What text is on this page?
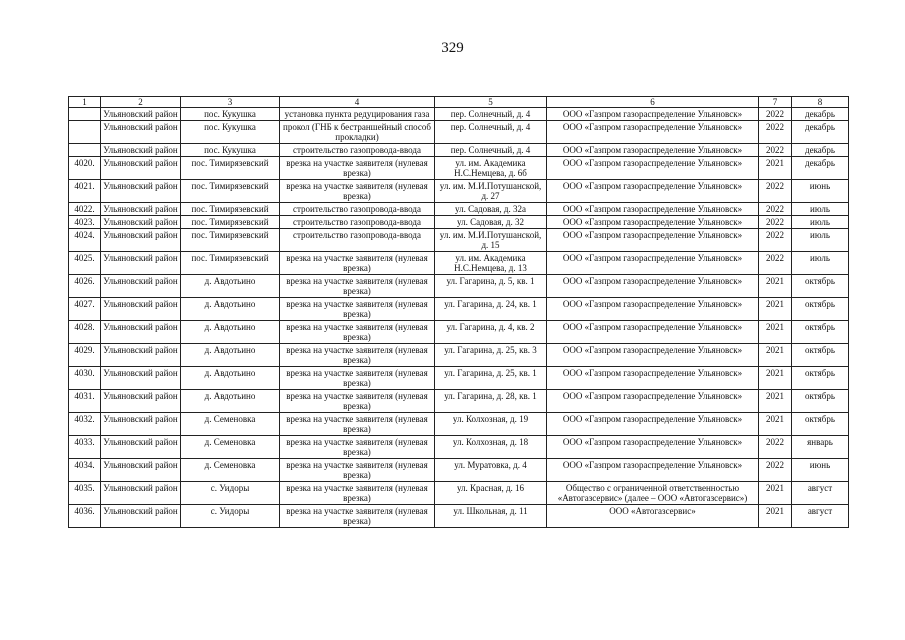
329
1	2	3	4	5	6	7	8
	Ульяновский район	пос. Кукушка	установка пункта редуцирования газа	пер. Солнечный, д. 4	ООО «Газпром газораспределение Ульяновск»	2022	декабрь
	Ульяновский район	пос. Кукушка	прокол (ГНБ к бестраншейный способ прокладки)	пер. Солнечный, д. 4	ООО «Газпром газораспределение Ульяновск»	2022	декабрь
	Ульяновский район	пос. Кукушка	строительство газопровода-ввода	пер. Солнечный, д. 4	ООО «Газпром газораспределение Ульяновск»	2022	декабрь
4020.	Ульяновский район	пос. Тимирязевский	врезка на участке заявителя (нулевая врезка)	ул. им. Академика Н.С.Немцева, д. 6б	ООО «Газпром газораспределение Ульяновск»	2021	декабрь
4021.	Ульяновский район	пос. Тимирязевский	врезка на участке заявителя (нулевая врезка)	ул. им. М.И.Потушанской, д. 27	ООО «Газпром газораспределение Ульяновск»	2022	июнь
4022.	Ульяновский район	пос. Тимирязевский	строительство газопровода-ввода	ул. Садовая, д. 32а	ООО «Газпром газораспределение Ульяновск»	2022	июль
4023.	Ульяновский район	пос. Тимирязевский	строительство газопровода-ввода	ул. Садовая, д. 32	ООО «Газпром газораспределение Ульяновск»	2022	июль
4024.	Ульяновский район	пос. Тимирязевский	строительство газопровода-ввода	ул. им. М.И.Потушанской, д. 15	ООО «Газпром газораспределение Ульяновск»	2022	июль
4025.	Ульяновский район	пос. Тимирязевский	врезка на участке заявителя (нулевая врезка)	ул. им. Академика Н.С.Немцева, д. 13	ООО «Газпром газораспределение Ульяновск»	2022	июль
4026.	Ульяновский район	д. Авдотьино	врезка на участке заявителя (нулевая врезка)	ул. Гагарина, д. 5, кв. 1	ООО «Газпром газораспределение Ульяновск»	2021	октябрь
4027.	Ульяновский район	д. Авдотьино	врезка на участке заявителя (нулевая врезка)	ул. Гагарина, д. 24, кв. 1	ООО «Газпром газораспределение Ульяновск»	2021	октябрь
4028.	Ульяновский район	д. Авдотьино	врезка на участке заявителя (нулевая врезка)	ул. Гагарина, д. 4, кв. 2	ООО «Газпром газораспределение Ульяновск»	2021	октябрь
4029.	Ульяновский район	д. Авдотьино	врезка на участке заявителя (нулевая врезка)	ул. Гагарина, д. 25, кв. 3	ООО «Газпром газораспределение Ульяновск»	2021	октябрь
4030.	Ульяновский район	д. Авдотьино	врезка на участке заявителя (нулевая врезка)	ул. Гагарина, д. 25, кв. 1	ООО «Газпром газораспределение Ульяновск»	2021	октябрь
4031.	Ульяновский район	д. Авдотьино	врезка на участке заявителя (нулевая врезка)	ул. Гагарина, д. 28, кв. 1	ООО «Газпром газораспределение Ульяновск»	2021	октябрь
4032.	Ульяновский район	д. Семеновка	врезка на участке заявителя (нулевая врезка)	ул. Колхозная, д. 19	ООО «Газпром газораспределение Ульяновск»	2021	октябрь
4033.	Ульяновский район	д. Семеновка	врезка на участке заявителя (нулевая врезка)	ул. Колхозная, д. 18	ООО «Газпром газораспределение Ульяновск»	2022	январь
4034.	Ульяновский район	д. Семеновка	врезка на участке заявителя (нулевая врезка)	ул. Муратовка, д. 4	ООО «Газпром газораспределение Ульяновск»	2022	июнь
4035.	Ульяновский район	с. Уидоры	врезка на участке заявителя (нулевая врезка)	ул. Красная, д. 16	Общество с ограниченной ответственностью «Автогазсервис» (далее – ООО «Автогазсервис»)	2021	август
4036.	Ульяновский район	с. Уидоры	врезка на участке заявителя (нулевая врезка)	ул. Школьная, д. 11	ООО «Автогазсервис»	2021	август
